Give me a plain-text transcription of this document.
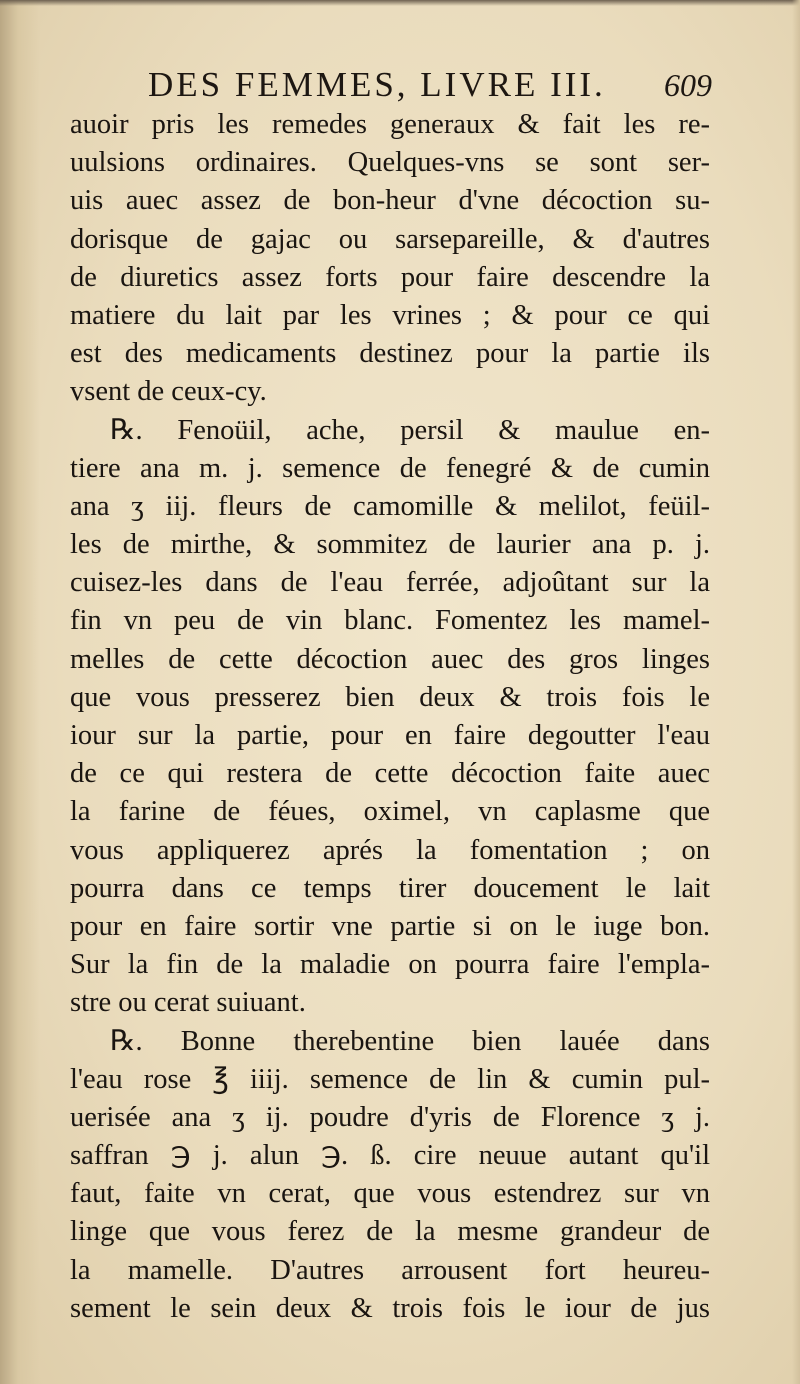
DES FEMMES, LIVRE III. 609
auoir pris les remedes generaux & fait les re-
uulsions ordinaires. Quelques-vns se sont ser-
uis auec assez de bon-heur d'vne décoction su-
dorisque de gajac ou sarsepareille, & d'autres
de diuretics assez forts pour faire descendre la
matiere du lait par les vrines ; & pour ce qui
est des medicaments destinez pour la partie ils
vsent de ceux-cy.
℞. Fenoüil, ache, persil & maulue en-
tiere ana m. j. semence de fenegré & de cumin
ana ʒ iij. fleurs de camomille & melilot, feüil-
les de mirthe, & sommitez de laurier ana p. j.
cuisez-les dans de l'eau ferrée, adjoûtant sur la
fin vn peu de vin blanc. Fomentez les mamel-
melles de cette décoction auec des gros linges
que vous presserez bien deux & trois fois le
iour sur la partie, pour en faire degoutter l'eau
de ce qui restera de cette décoction faite auec
la farine de féues, oximel, vn caplasme que
vous appliquerez aprés la fomentation ; on
pourra dans ce temps tirer doucement le lait
pour en faire sortir vne partie si on le iuge bon.
Sur la fin de la maladie on pourra faire l'empla-
stre ou cerat suiuant.
℞. Bonne therebentine bien lauée dans
l'eau rose ℥ iiij. semence de lin & cumin pul-
uerisée ana ʒ ij. poudre d'yris de Florence ʒ j.
saffran ℈ j. alun ℈. ß. cire neuue autant qu'il
faut, faite vn cerat, que vous estendrez sur vn
linge que vous ferez de la mesme grandeur de
la mamelle. D'autres arrousent fort heureu-
sement le sein deux & trois fois le iour de jus
